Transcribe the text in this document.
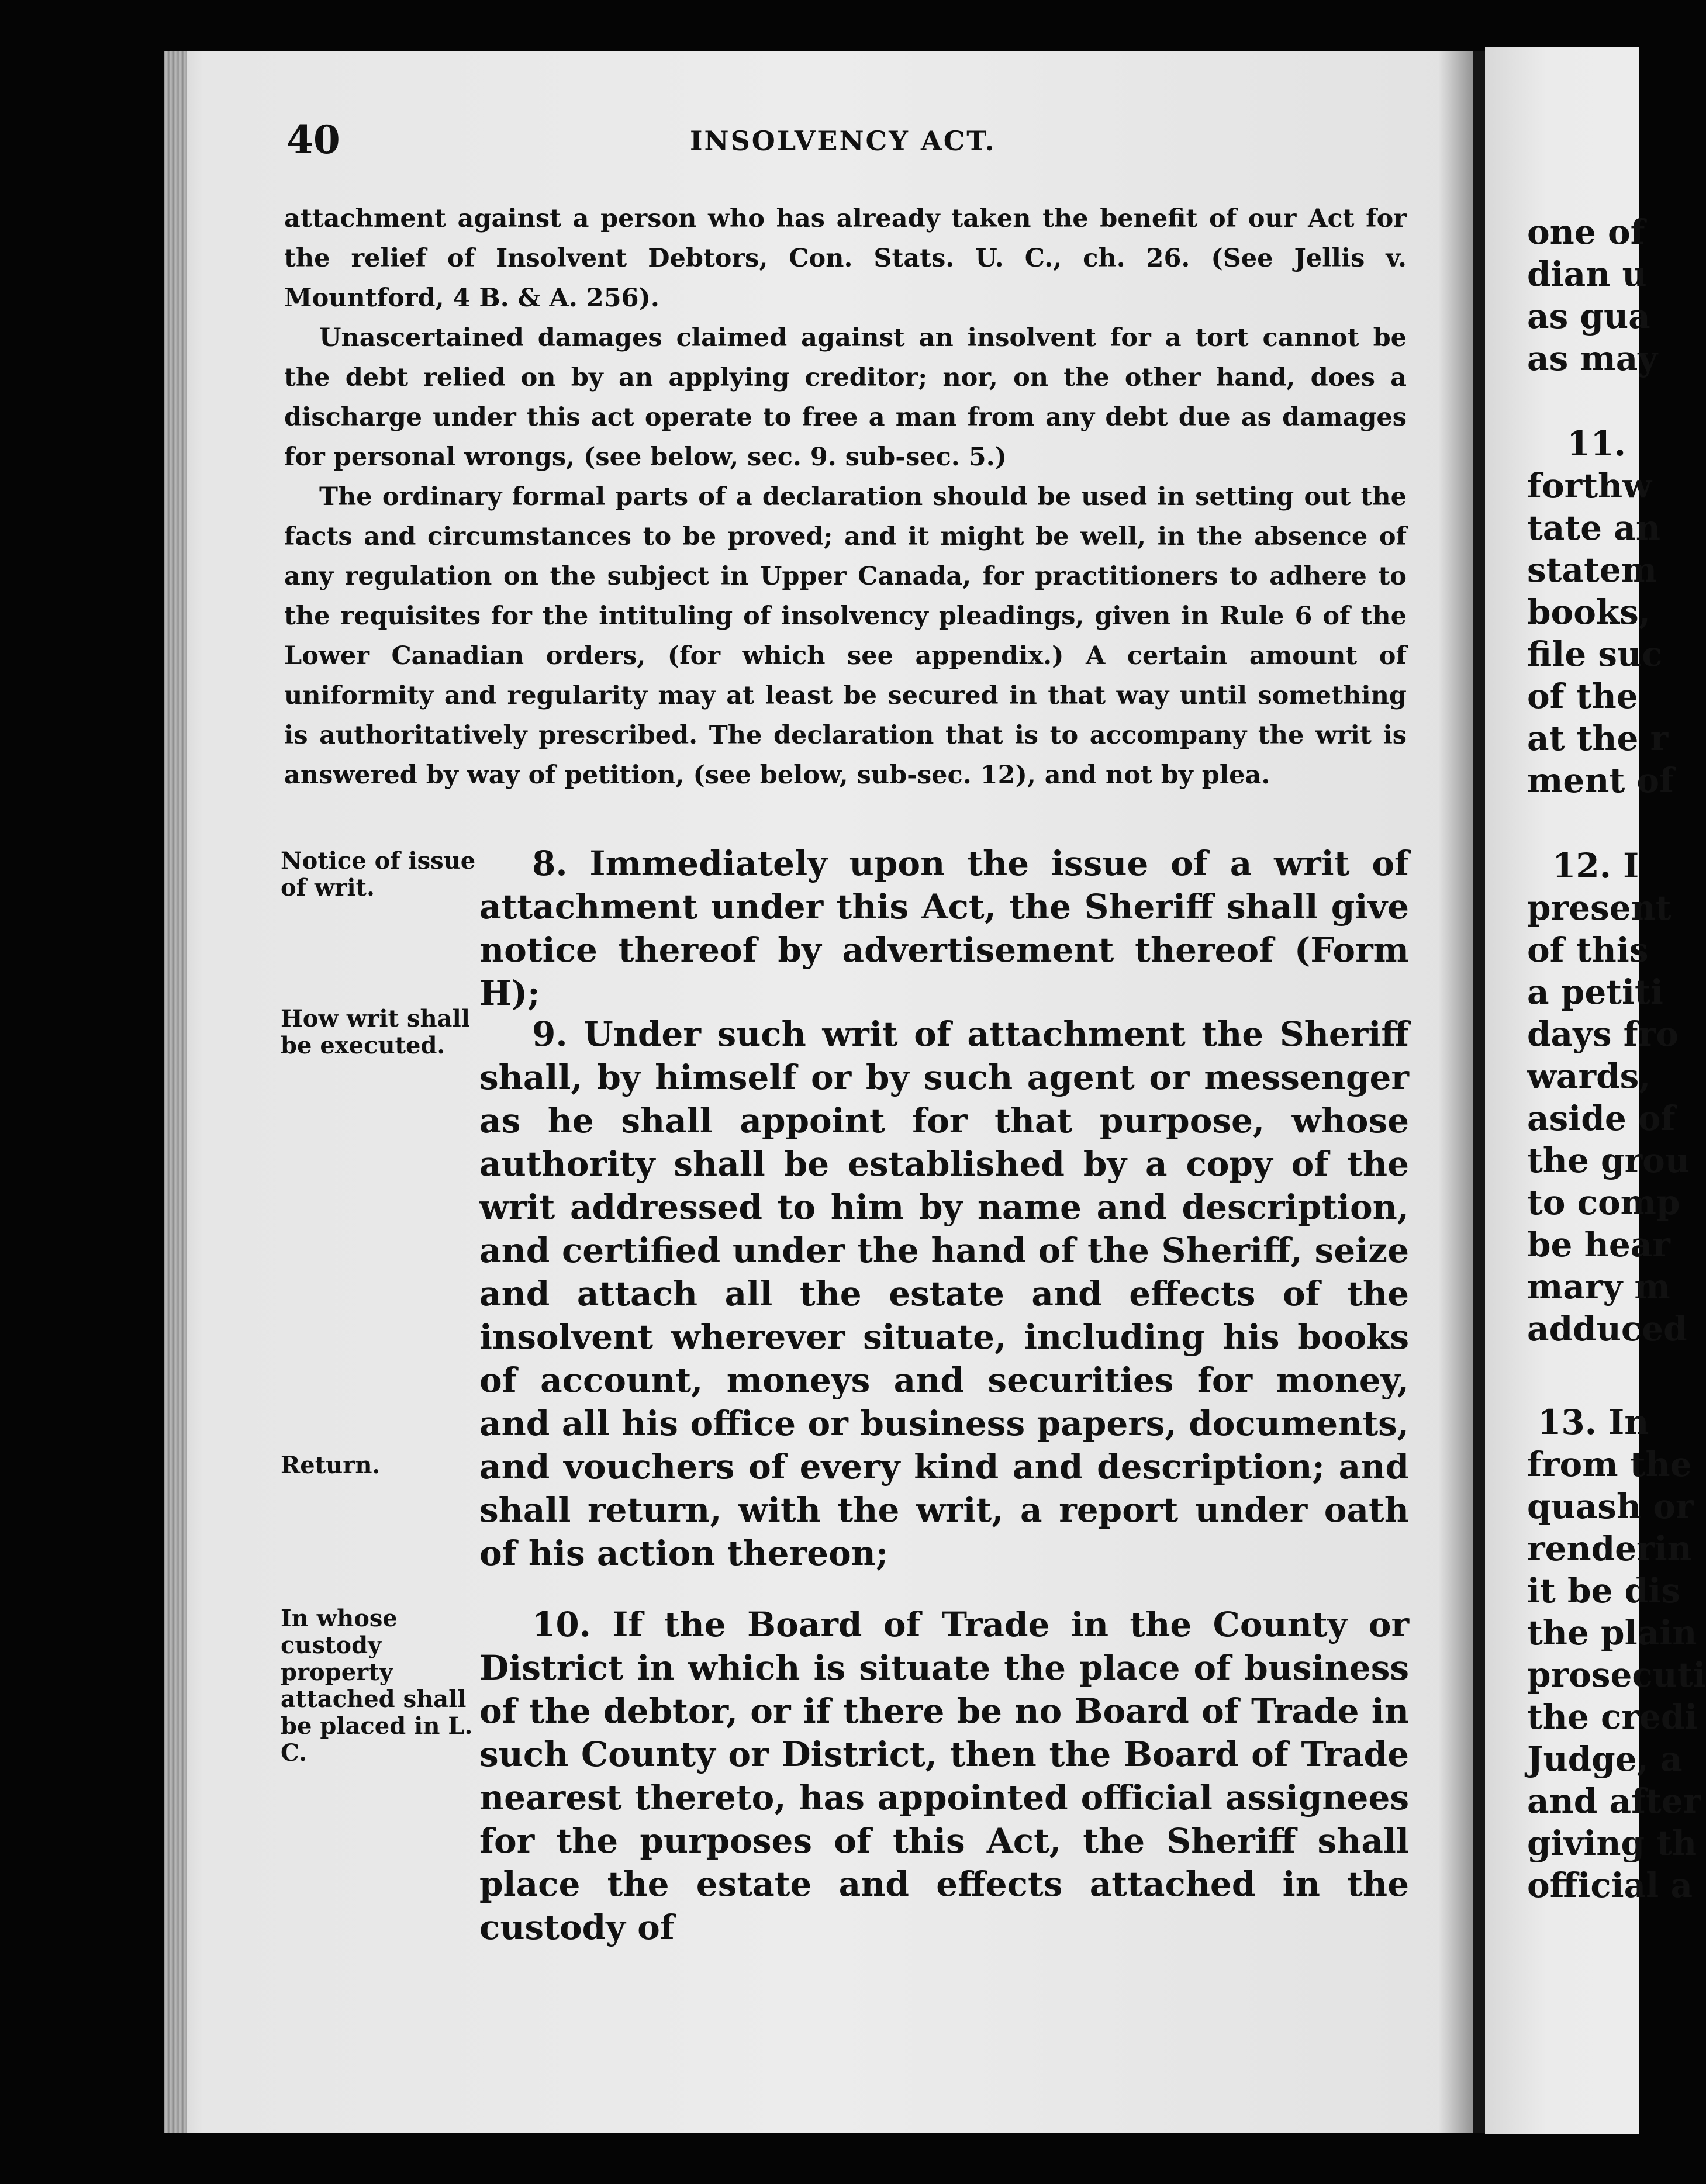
40	INSOLVENCY ACT.

attachment against a person who has already taken the benefit of our Act for the relief of Insolvent Debtors, Con. Stats. U. C., ch. 26. (See Jellis v. Mountford, 4 B. & A. 256).

Unascertained damages claimed against an insolvent for a tort cannot be the debt relied on by an applying creditor; nor, on the other hand, does a discharge under this act operate to free a man from any debt due as damages for personal wrongs, (see below, sec. 9. sub-sec. 5.)

The ordinary formal parts of a declaration should be used in setting out the facts and circumstances to be proved; and it might be well, in the absence of any regulation on the subject in Upper Canada, for practitioners to adhere to the requisites for the intituling of insolvency pleadings, given in Rule 6 of the Lower Canadian orders, (for which see appendix.) A certain amount of uniformity and regularity may at least be secured in that way until something is authoritatively prescribed. The declaration that is to accompany the writ is answered by way of petition, (see below, sub-sec. 12), and not by plea.

Notice of issue of writ.

8. Immediately upon the issue of a writ of attachment under this Act, the Sheriff shall give notice thereof by advertisement thereof (Form H);

How writ shall be executed.	9. Under such writ of attachment the Sheriff shall, by himself or by such agent or messenger as he shall appoint for that purpose, whose authority shall be established by a copy of the writ addressed to him by name and description, and certified under the hand of the Sheriff, seize and attach all the estate and effects of the insolvent wherever situate, including his books of account, moneys and securities for money, and all his office or business papers, documents, and vouchers of every kind and description; and shall return, with the writ, a report under oath of his action thereon;

Return.
In whose custody property attached shall be placed in L. C.

10. If the Board of Trade in the County or District in which is situate the place of business of the debtor, or if there be no Board of Trade in such County or District, then the Board of Trade nearest thereto, has appointed official assignees for the purposes of this Act, the Sheriff shall place the estate and effects attached in the custody of

one of
dian u
as gua
as may
11.
forthw
tate an
statem
books,
file suc
of the
at the r
ment of
12. I
present
of this
a petiti
days fro
wards,
aside of
the grou
to comp
be hear
mary m
adduced
13. In
from the
quash or
renderin
it be dis
the plain
prosecuti
the credi
Judge, a
and after
giving th
official a
